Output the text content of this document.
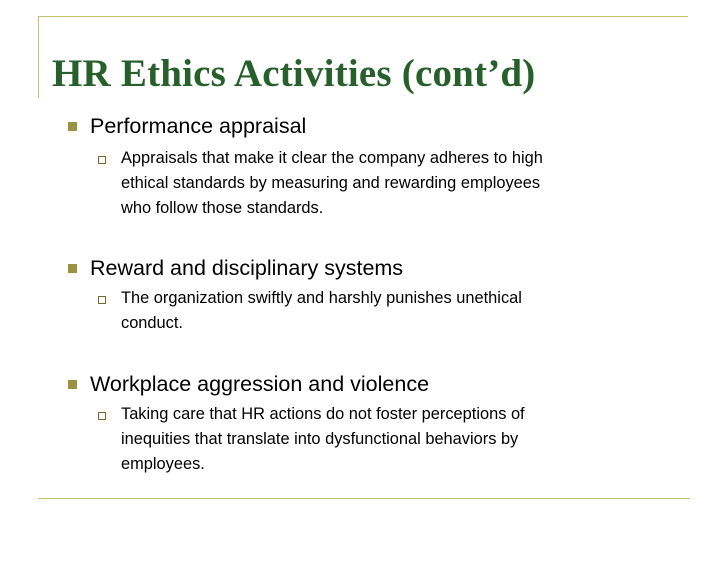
HR Ethics Activities (cont’d)
Performance appraisal
Appraisals that make it clear the company adheres to high
ethical standards by measuring and rewarding employees
who follow those standards.
Reward and disciplinary systems
The organization swiftly and harshly punishes unethical
conduct.
Workplace aggression and violence
Taking care that HR actions do not foster perceptions of
inequities that translate into dysfunctional behaviors by
employees.
